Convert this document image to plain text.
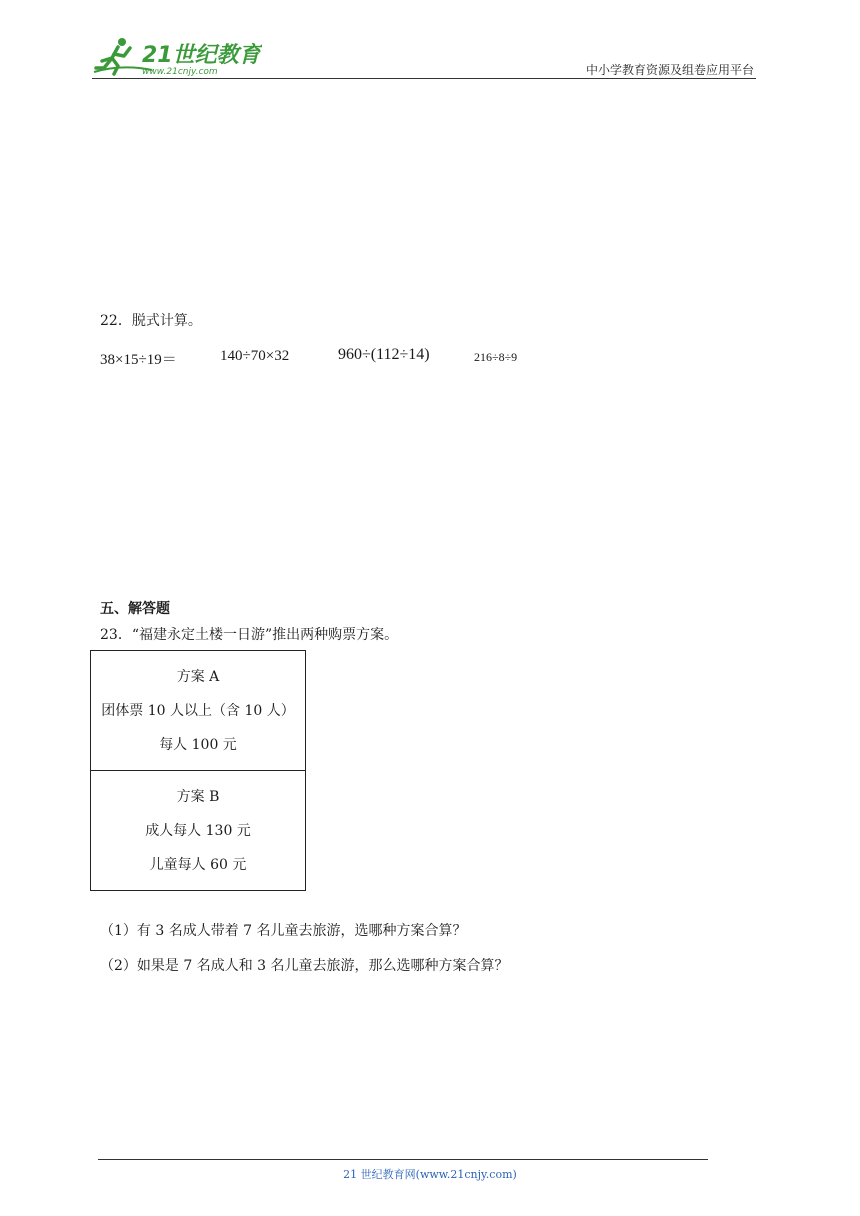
21世纪教育
www.21cnjy.com	中小学教育资源及组卷应用平台
22．脱式计算。
38×15÷19＝	140÷70×32	960÷(112÷14)	216÷8÷9
五、解答题
23．“福建永定土楼一日游”推出两种购票方案。
方案 A
团体票 10 人以上（含 10 人）
每人 100 元
方案 B
成人每人 130 元
儿童每人 60 元
（1）有 3 名成人带着 7 名儿童去旅游，选哪种方案合算？
（2）如果是 7 名成人和 3 名儿童去旅游，那么选哪种方案合算？
21 世纪教育网(www.21cnjy.com)
